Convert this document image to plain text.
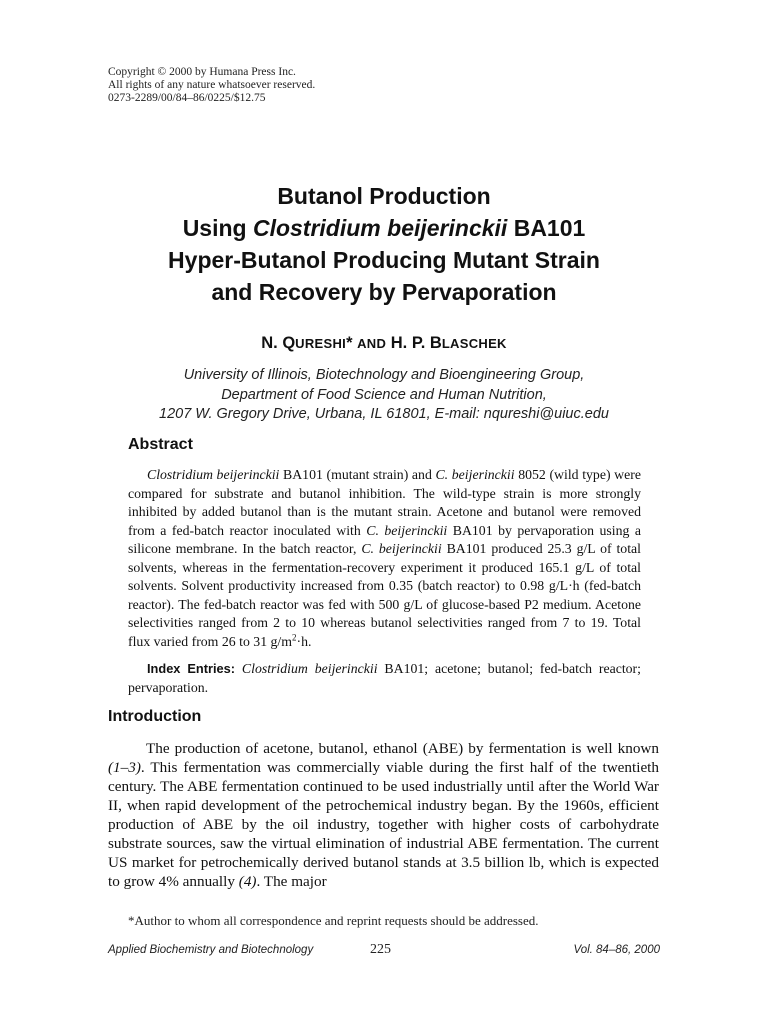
Copyright © 2000 by Humana Press Inc.
All rights of any nature whatsoever reserved.
0273-2289/00/84–86/0225/$12.75
Butanol Production
Using Clostridium beijerinckii BA101
Hyper-Butanol Producing Mutant Strain
and Recovery by Pervaporation
N. QURESHI* AND H. P. BLASCHEK
University of Illinois, Biotechnology and Bioengineering Group,
Department of Food Science and Human Nutrition,
1207 W. Gregory Drive, Urbana, IL 61801, E-mail: nqureshi@uiuc.edu
Abstract

Clostridium beijerinckii BA101 (mutant strain) and C. beijerinckii 8052 (wild type) were compared for substrate and butanol inhibition. The wild-type strain is more strongly inhibited by added butanol than is the mutant strain. Acetone and butanol were removed from a fed-batch reactor inoculated with C. beijerinckii BA101 by pervaporation using a silicone membrane. In the batch reactor, C. beijerinckii BA101 produced 25.3 g/L of total solvents, whereas in the fermentation-recovery experiment it produced 165.1 g/L of total solvents. Solvent productivity increased from 0.35 (batch reactor) to 0.98 g/L·h (fed-batch reactor). The fed-batch reactor was fed with 500 g/L of glucose-based P2 medium. Acetone selectivities ranged from 2 to 10 whereas butanol selectivities ranged from 7 to 19. Total flux varied from 26 to 31 $g/m^2\cdot h$.

Index Entries: Clostridium beijerinckii BA101; acetone; butanol; fed-batch reactor; pervaporation.

Introduction

The production of acetone, butanol, ethanol (ABE) by fermentation is well known (1–3). This fermentation was commercially viable during the first half of the twentieth century. The ABE fermentation continued to be used industrially until after the World War II, when rapid development of the petrochemical industry began. By the 1960s, efficient production of ABE by the oil industry, together with higher costs of carbohydrate substrate sources, saw the virtual elimination of industrial ABE fermentation. The current US market for petrochemically derived butanol stands at 3.5 billion lb, which is expected to grow 4% annually (4). The major

*Author to whom all correspondence and reprint requests should be addressed.
Applied Biochemistry and Biotechnology	225	Vol. 84–86, 2000
